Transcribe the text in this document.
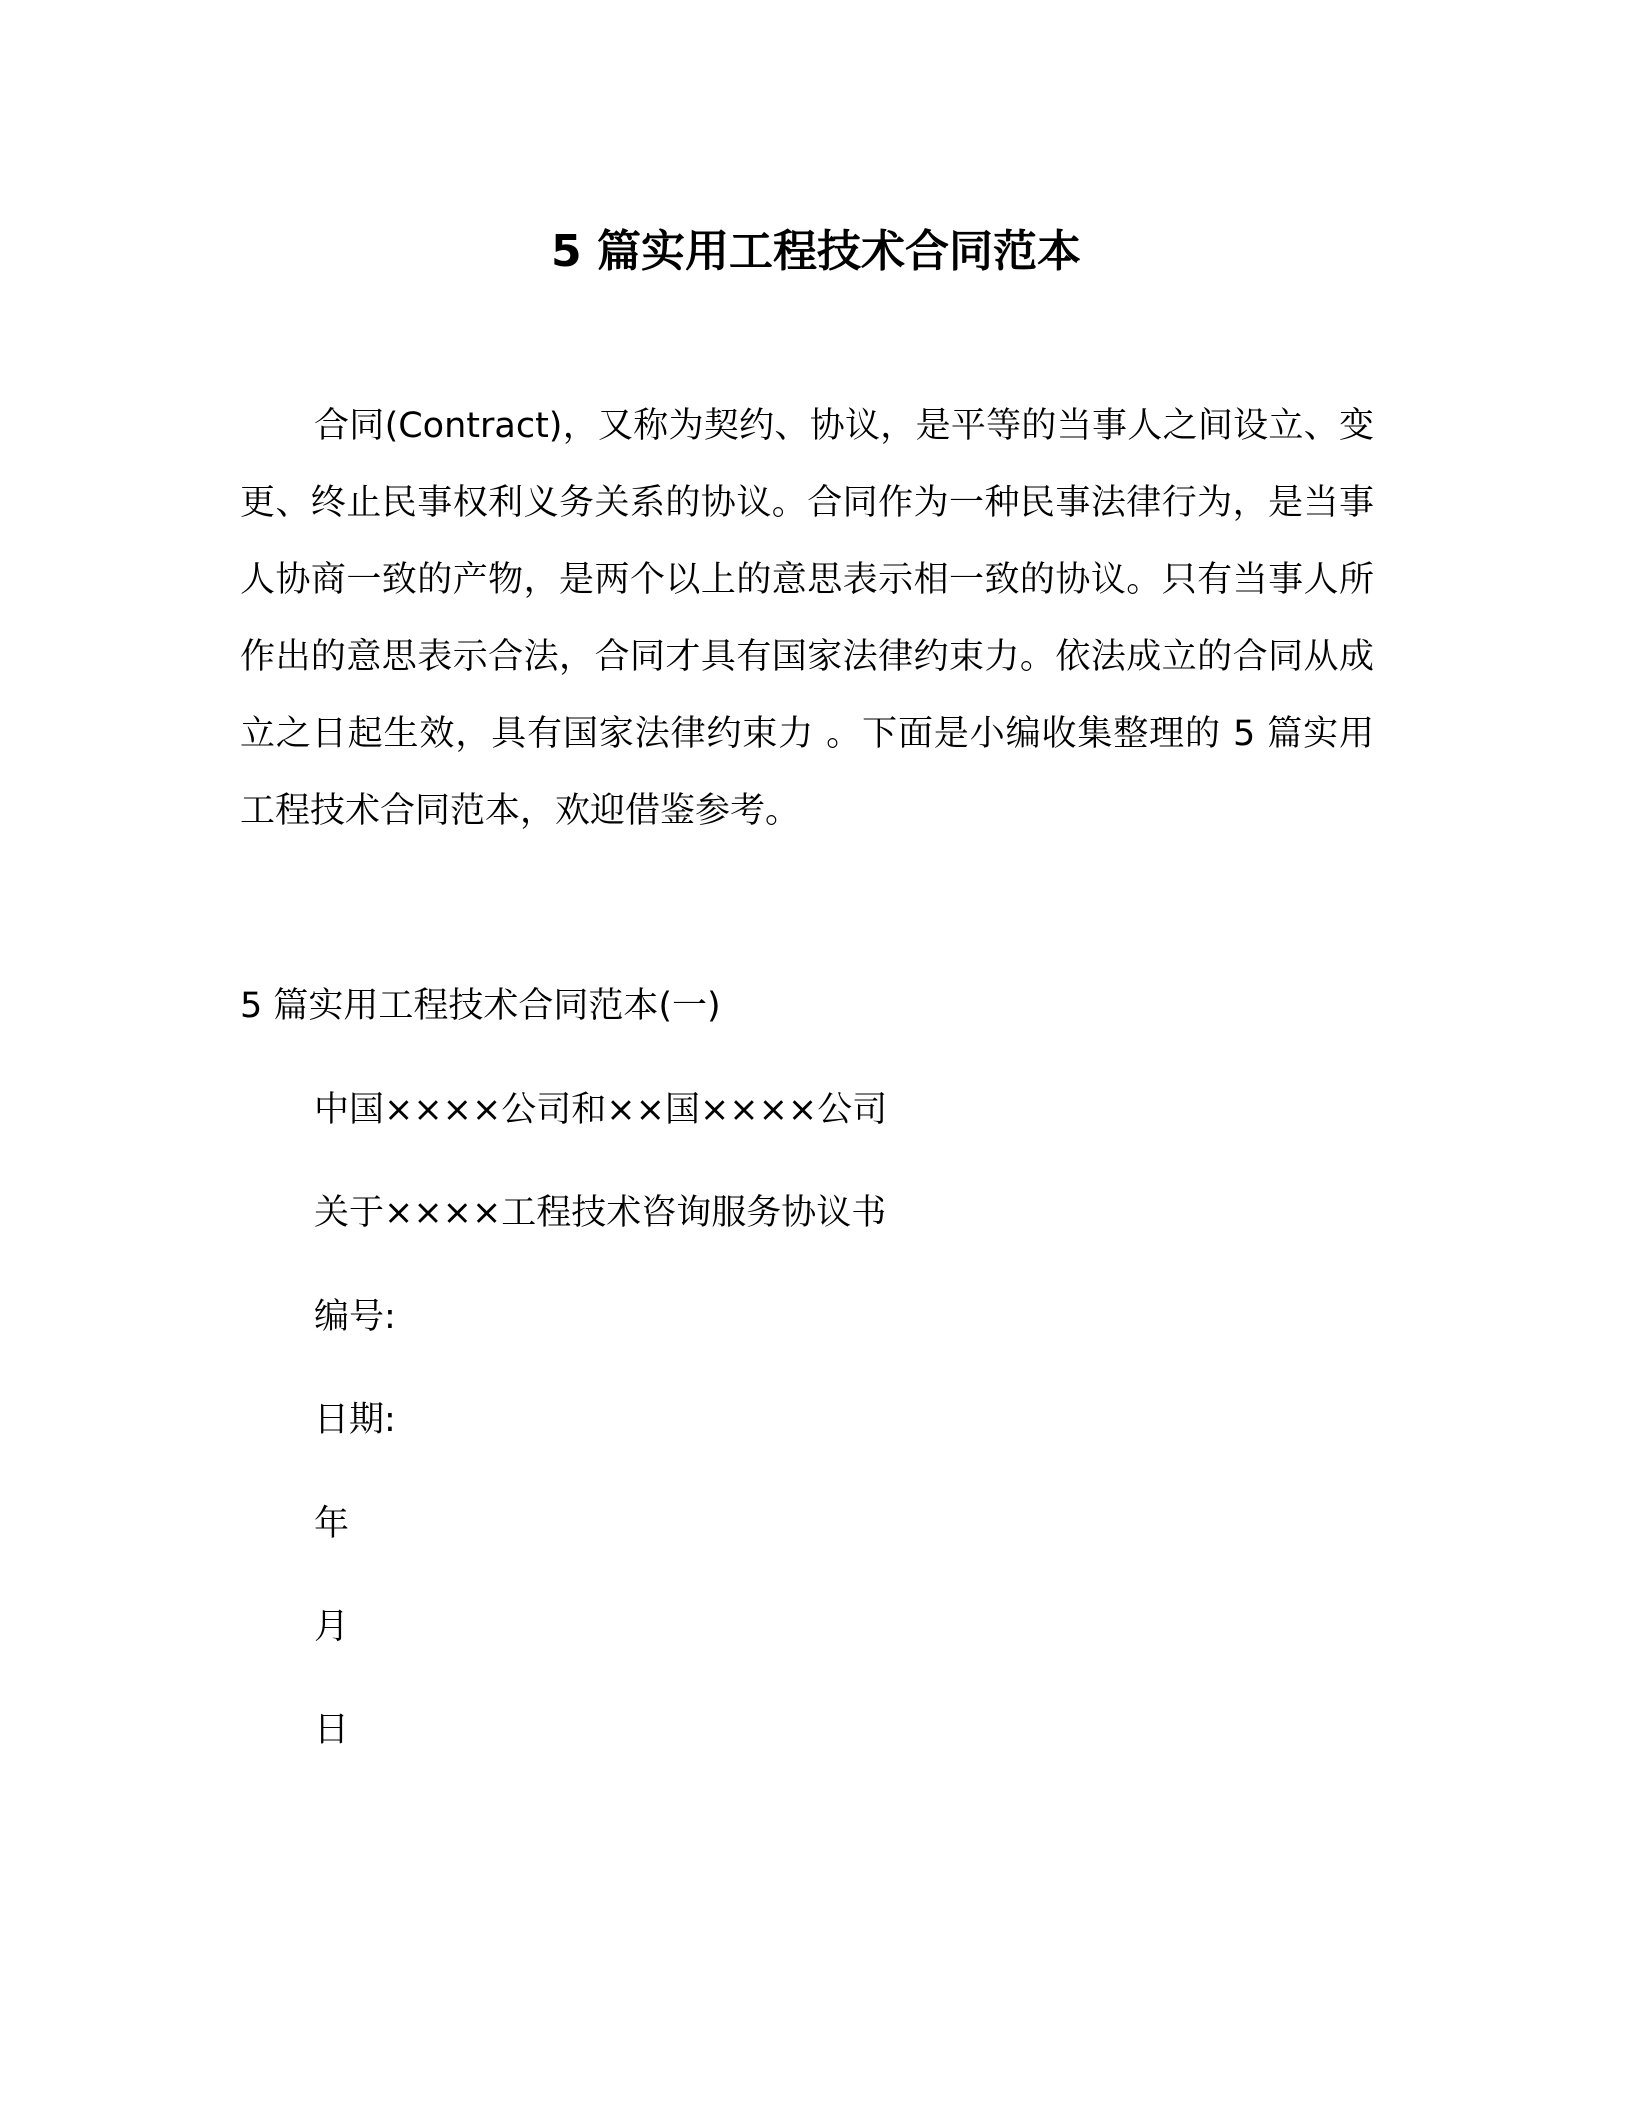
5 篇实用工程技术合同范本

合同(Contract)，又称为契约、协议，是平等的当事人之间设立、变更、终止民事权利义务关系的协议。合同作为一种民事法律行为，是当事人协商一致的产物，是两个以上的意思表示相一致的协议。只有当事人所作出的意思表示合法，合同才具有国家法律约束力。依法成立的合同从成立之日起生效，具有国家法律约束力 。下面是小编收集整理的 5 篇实用工程技术合同范本，欢迎借鉴参考。

5 篇实用工程技术合同范本(一)

中国××××公司和××国××××公司

关于××××工程技术咨询服务协议书

编号:

日期:

年

月

日
